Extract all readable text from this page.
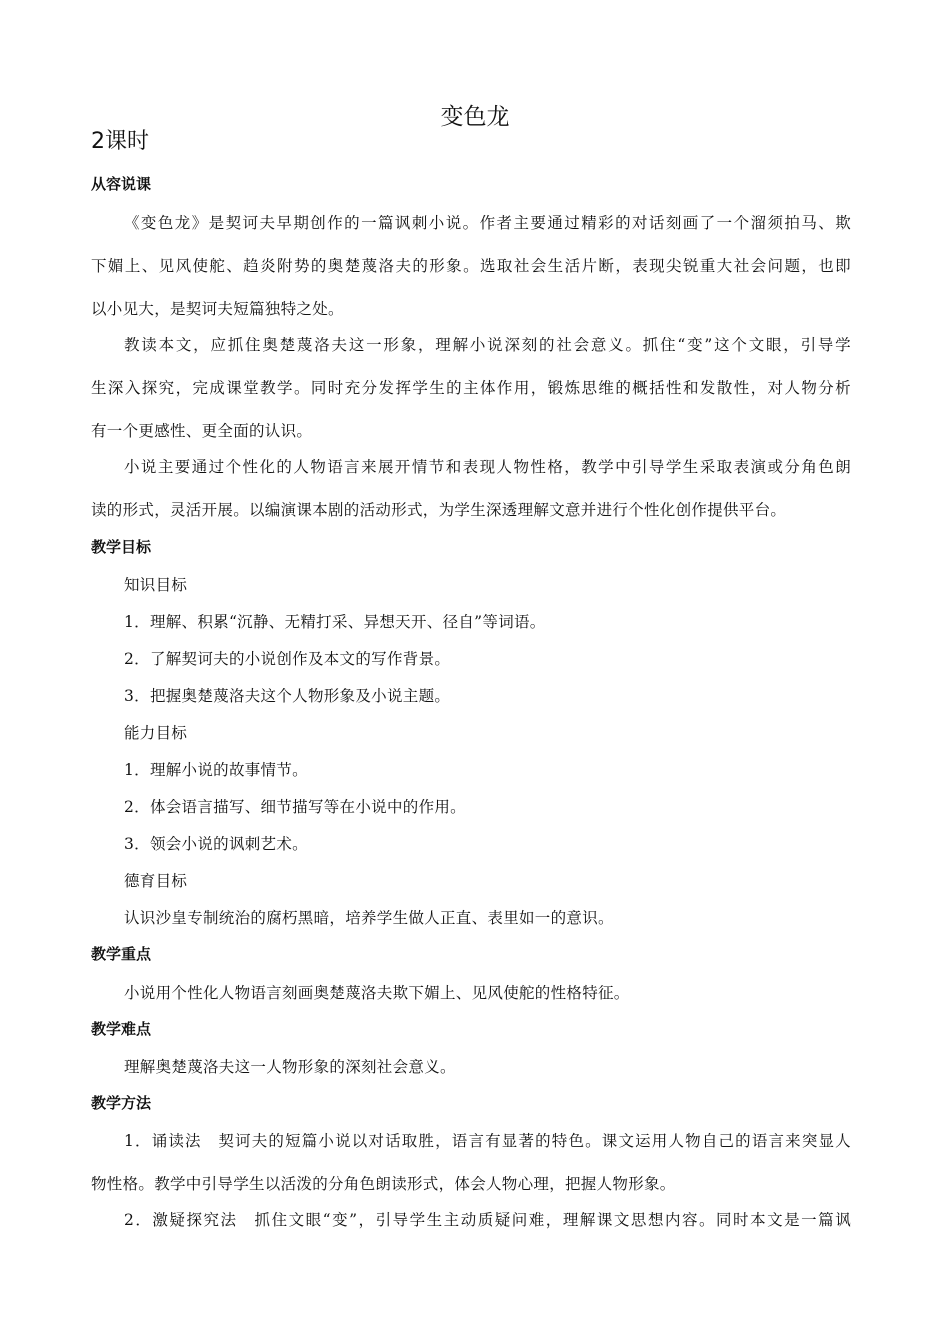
变色龙
2课时
从容说课
《变色龙》是契诃夫早期创作的一篇讽刺小说。作者主要通过精彩的对话刻画了一个溜须拍马、欺
下媚上、见风使舵、趋炎附势的奥楚蔑洛夫的形象。选取社会生活片断，表现尖锐重大社会问题，也即
以小见大，是契诃夫短篇独特之处。
教读本文，应抓住奥楚蔑洛夫这一形象，理解小说深刻的社会意义。抓住“变”这个文眼，引导学
生深入探究，完成课堂教学。同时充分发挥学生的主体作用，锻炼思维的概括性和发散性，对人物分析
有一个更感性、更全面的认识。
小说主要通过个性化的人物语言来展开情节和表现人物性格，教学中引导学生采取表演或分角色朗
读的形式，灵活开展。以编演课本剧的活动形式，为学生深透理解文意并进行个性化创作提供平台。
教学目标
知识目标
1．理解、积累“沉静、无精打采、异想天开、径自”等词语。
2．了解契诃夫的小说创作及本文的写作背景。
3．把握奥楚蔑洛夫这个人物形象及小说主题。
能力目标
1．理解小说的故事情节。
2．体会语言描写、细节描写等在小说中的作用。
3．领会小说的讽刺艺术。
德育目标
认识沙皇专制统治的腐朽黑暗，培养学生做人正直、表里如一的意识。
教学重点
小说用个性化人物语言刻画奥楚蔑洛夫欺下媚上、见风使舵的性格特征。
教学难点
理解奥楚蔑洛夫这一人物形象的深刻社会意义。
教学方法
1．诵读法　契诃夫的短篇小说以对话取胜，语言有显著的特色。课文运用人物自己的语言来突显人
物性格。教学中引导学生以活泼的分角色朗读形式，体会人物心理，把握人物形象。
2．激疑探究法　抓住文眼“变”，引导学生主动质疑问难，理解课文思想内容。同时本文是一篇讽
